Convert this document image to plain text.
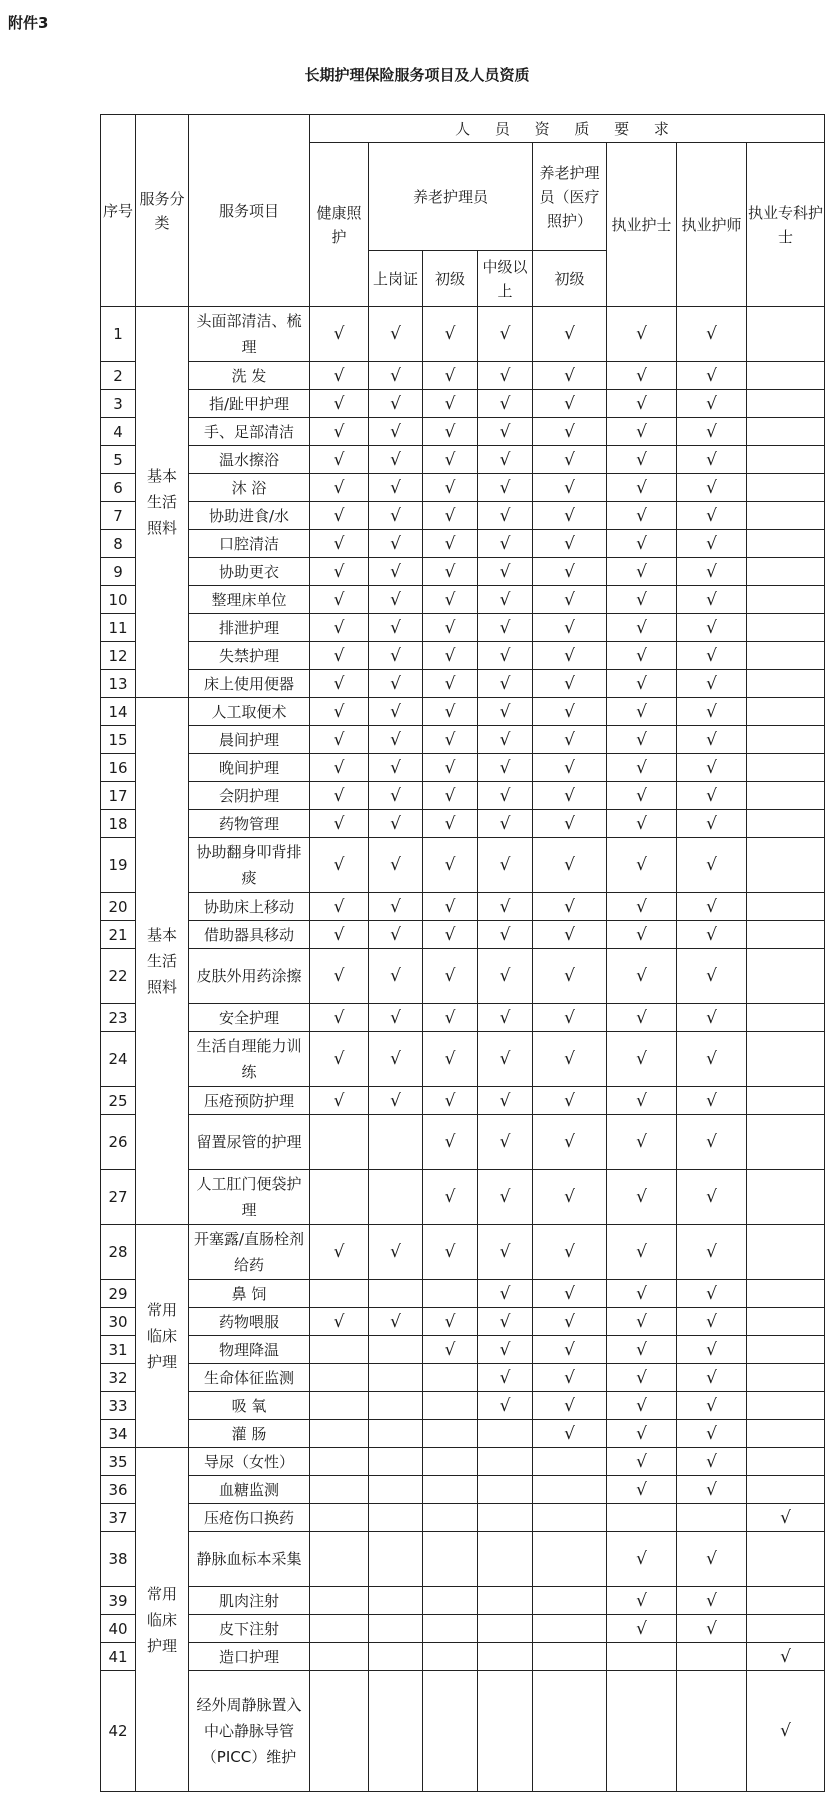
附件3
长期护理保险服务项目及人员资质
序号	服务分类	服务项目	人 员 资 质 要 求							
			健康照护	养老护理员			养老护理员（医疗照护）	执业护士	执业护师	执业专科护士
				上岗证	初级	中级以上	初级			
1	基本生活照料	头面部清洁、梳理	√	√	√	√	√	√	√	
2		洗 发	√	√	√	√	√	√	√	
3		指/趾甲护理	√	√	√	√	√	√	√	
4		手、足部清洁	√	√	√	√	√	√	√	
5		温水擦浴	√	√	√	√	√	√	√	
6		沐 浴	√	√	√	√	√	√	√	
7		协助进食/水	√	√	√	√	√	√	√	
8		口腔清洁	√	√	√	√	√	√	√	
9		协助更衣	√	√	√	√	√	√	√	
10		整理床单位	√	√	√	√	√	√	√	
11		排泄护理	√	√	√	√	√	√	√	
12		失禁护理	√	√	√	√	√	√	√	
13		床上使用便器	√	√	√	√	√	√	√	
14	基本生活照料	人工取便术	√	√	√	√	√	√	√	
15		晨间护理	√	√	√	√	√	√	√	
16		晚间护理	√	√	√	√	√	√	√	
17		会阴护理	√	√	√	√	√	√	√	
18		药物管理	√	√	√	√	√	√	√	
19		协助翻身叩背排痰	√	√	√	√	√	√	√	
20		协助床上移动	√	√	√	√	√	√	√	
21		借助器具移动	√	√	√	√	√	√	√	
22		皮肤外用药涂擦	√	√	√	√	√	√	√	
23		安全护理	√	√	√	√	√	√	√	
24		生活自理能力训练	√	√	√	√	√	√	√	
25		压疮预防护理	√	√	√	√	√	√	√	
26		留置尿管的护理			√	√	√	√	√	
27		人工肛门便袋护理			√	√	√	√	√	
28	常用临床护理	开塞露/直肠栓剂给药	√	√	√	√	√	√	√	
29		鼻 饲				√	√	√	√	
30		药物喂服	√	√	√	√	√	√	√	
31		物理降温			√	√	√	√	√	
32		生命体征监测				√	√	√	√	
33		吸 氧				√	√	√	√	
34		灌 肠					√	√	√	
35	常用临床护理	导尿（女性）						√	√	
36		血糖监测						√	√	
37		压疮伤口换药								√
38		静脉血标本采集						√	√	
39		肌肉注射						√	√	
40		皮下注射						√	√	
41		造口护理								√
42		经外周静脉置入中心静脉导管（PICC）维护								√
